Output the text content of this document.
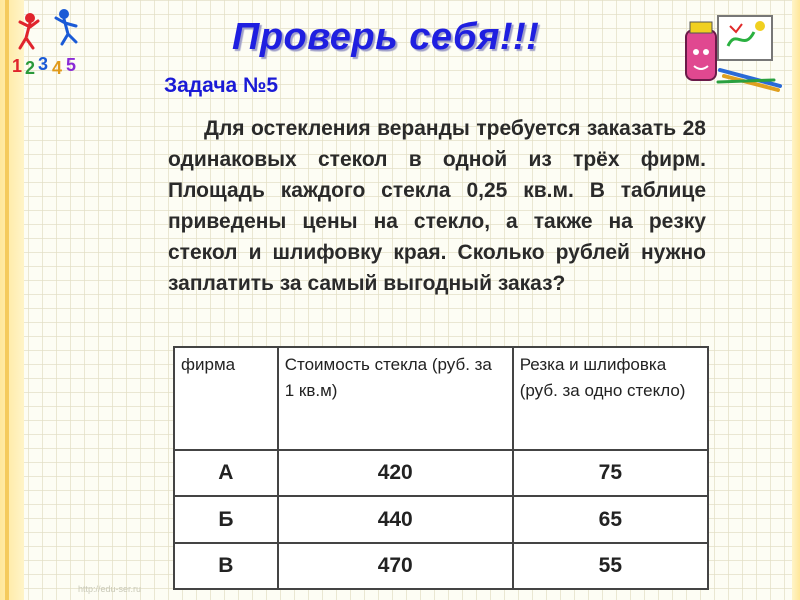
1 2 3 4 5
Проверь себя!!!
Задача №5

Для остекления веранды требуется заказать 28 одинаковых стекол в одной из трёх фирм. Площадь каждого стекла 0,25 кв.м. В таблице приведены цены на стекло, а также на резку стекол и шлифовку края. Сколько рублей нужно заплатить за самый выгодный заказ?

фирма	Стоимость стекла (руб. за 1 кв.м)	Резка и шлифовка (руб. за одно стекло)
А	420	75
Б	440	65
В	470	55
http://edu-ser.ru
